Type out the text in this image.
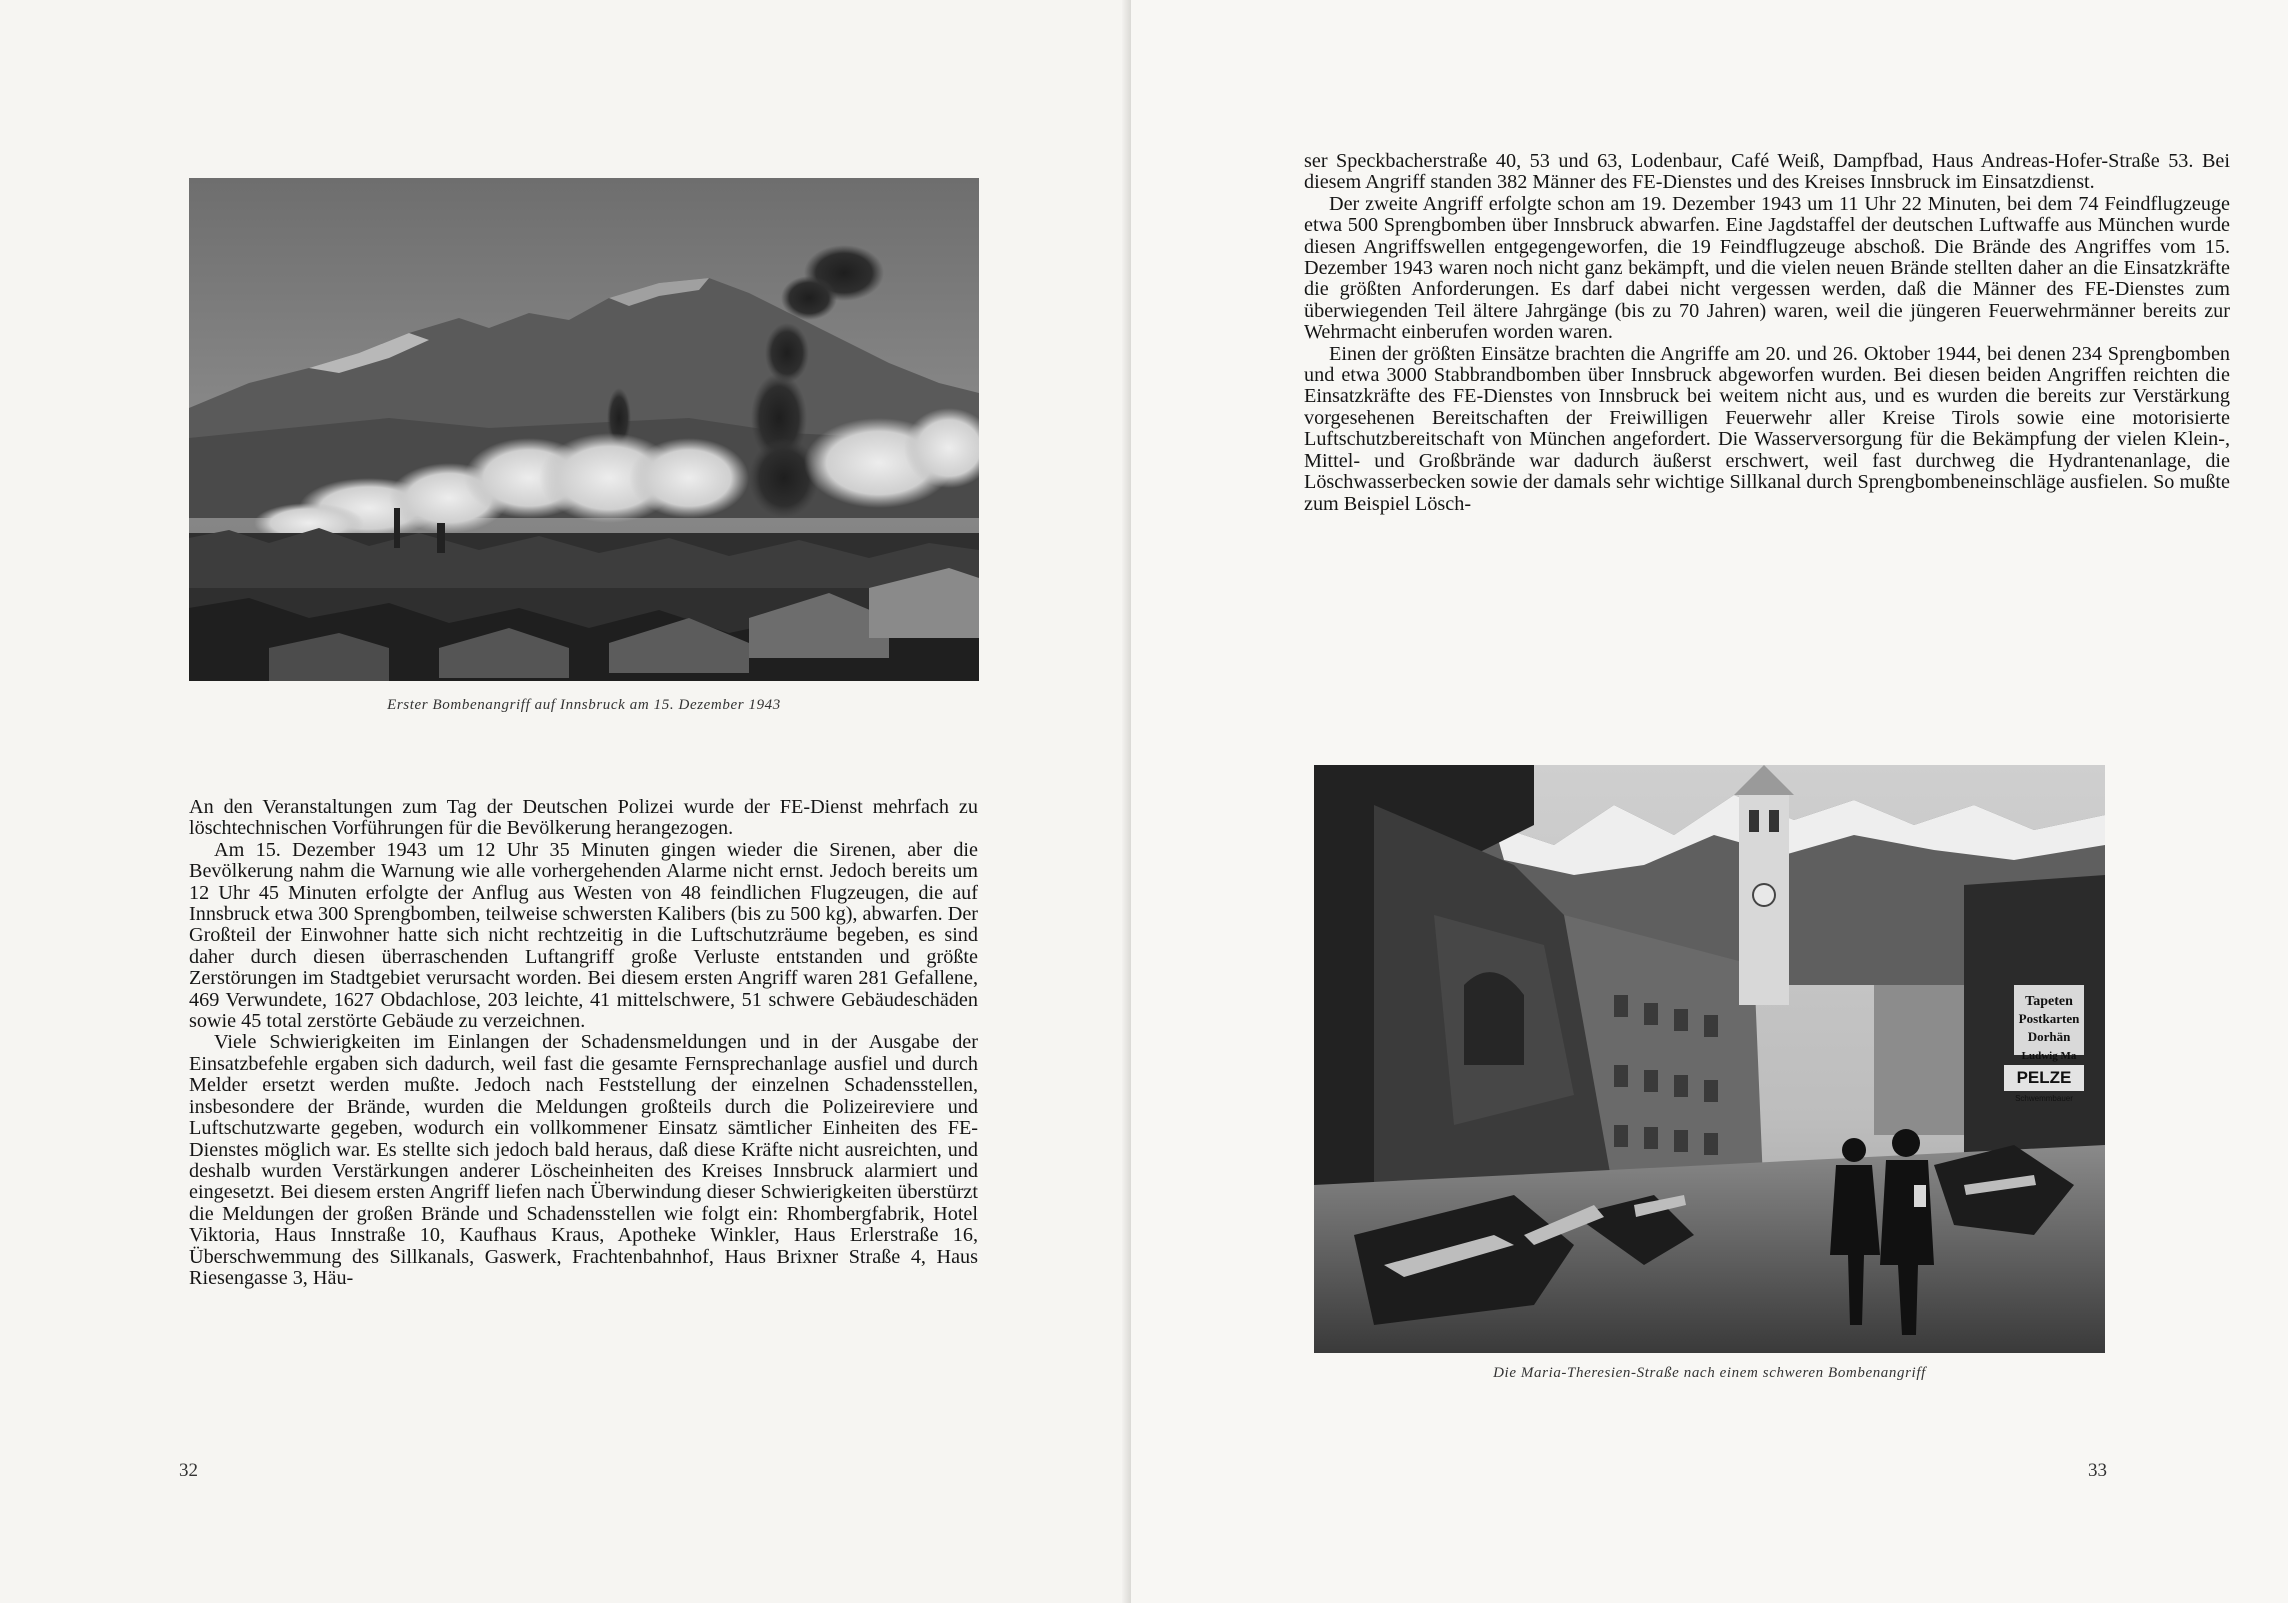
Erster Bombenangriff auf Innsbruck am 15. Dezember 1943

An den Veranstaltungen zum Tag der Deutschen Polizei wurde der FE-Dienst mehrfach zu löschtechnischen Vorführungen für die Bevölkerung herangezogen.

Am 15. Dezember 1943 um 12 Uhr 35 Minuten gingen wieder die Sirenen, aber die Bevölkerung nahm die Warnung wie alle vorhergehenden Alarme nicht ernst. Jedoch bereits um 12 Uhr 45 Minuten erfolgte der Anflug aus Westen von 48 feindlichen Flugzeugen, die auf Innsbruck etwa 300 Sprengbomben, teilweise schwersten Kalibers (bis zu 500 kg), abwarfen. Der Großteil der Einwohner hatte sich nicht rechtzeitig in die Luftschutzräume begeben, es sind daher durch diesen überraschenden Luftangriff große Verluste entstanden und größte Zerstörungen im Stadtgebiet verursacht worden. Bei diesem ersten Angriff waren 281 Gefallene, 469 Verwundete, 1627 Obdachlose, 203 leichte, 41 mittelschwere, 51 schwere Gebäudeschäden sowie 45 total zerstörte Gebäude zu verzeichnen.

Viele Schwierigkeiten im Einlangen der Schadensmeldungen und in der Ausgabe der Einsatzbefehle ergaben sich dadurch, weil fast die gesamte Fernsprechanlage ausfiel und durch Melder ersetzt werden mußte. Jedoch nach Feststellung der einzelnen Schadensstellen, insbesondere der Brände, wurden die Meldungen großteils durch die Polizeireviere und Luftschutzwarte gegeben, wodurch ein vollkommener Einsatz sämtlicher Einheiten des FE-Dienstes möglich war. Es stellte sich jedoch bald heraus, daß diese Kräfte nicht ausreichten, und deshalb wurden Verstärkungen anderer Löscheinheiten des Kreises Innsbruck alarmiert und eingesetzt. Bei diesem ersten Angriff liefen nach Überwindung dieser Schwierigkeiten überstürzt die Meldungen der großen Brände und Schadensstellen wie folgt ein: Rhombergfabrik, Hotel Viktoria, Haus Innstraße 10, Kaufhaus Kraus, Apotheke Winkler, Haus Erlerstraße 16, Überschwemmung des Sillkanals, Gaswerk, Frachtenbahnhof, Haus Brixner Straße 4, Haus Riesengasse 3, Häu-

32

ser Speckbacherstraße 40, 53 und 63, Lodenbaur, Café Weiß, Dampfbad, Haus Andreas-Hofer-Straße 53. Bei diesem Angriff standen 382 Männer des FE-Dienstes und des Kreises Innsbruck im Einsatzdienst.

Der zweite Angriff erfolgte schon am 19. Dezember 1943 um 11 Uhr 22 Minuten, bei dem 74 Feindflugzeuge etwa 500 Sprengbomben über Innsbruck abwarfen. Eine Jagdstaffel der deutschen Luftwaffe aus München wurde diesen Angriffswellen entgegengeworfen, die 19 Feindflugzeuge abschoß. Die Brände des Angriffes vom 15. Dezember 1943 waren noch nicht ganz bekämpft, und die vielen neuen Brände stellten daher an die Einsatzkräfte die größten Anforderungen. Es darf dabei nicht vergessen werden, daß die Männer des FE-Dienstes zum überwiegenden Teil ältere Jahrgänge (bis zu 70 Jahren) waren, weil die jüngeren Feuerwehrmänner bereits zur Wehrmacht einberufen worden waren.

Einen der größten Einsätze brachten die Angriffe am 20. und 26. Oktober 1944, bei denen 234 Sprengbomben und etwa 3000 Stabbrandbomben über Innsbruck abgeworfen wurden. Bei diesen beiden Angriffen reichten die Einsatzkräfte des FE-Dienstes von Innsbruck bei weitem nicht aus, und es wurden die bereits zur Verstärkung vorgesehenen Bereitschaften der Freiwilligen Feuerwehr aller Kreise Tirols sowie eine motorisierte Luftschutzbereitschaft von München angefordert. Die Wasserversorgung für die Bekämpfung der vielen Klein-, Mittel- und Großbrände war dadurch äußerst erschwert, weil fast durchweg die Hydrantenanlage, die Löschwasserbecken sowie der damals sehr wichtige Sillkanal durch Sprengbombeneinschläge ausfielen. So mußte zum Beispiel Lösch-

Tapeten
Postkarten
Dorhän
Ludwig Ma
PELZE
Schwemmbauer
Die Maria-Theresien-Straße nach einem schweren Bombenangriff
33
